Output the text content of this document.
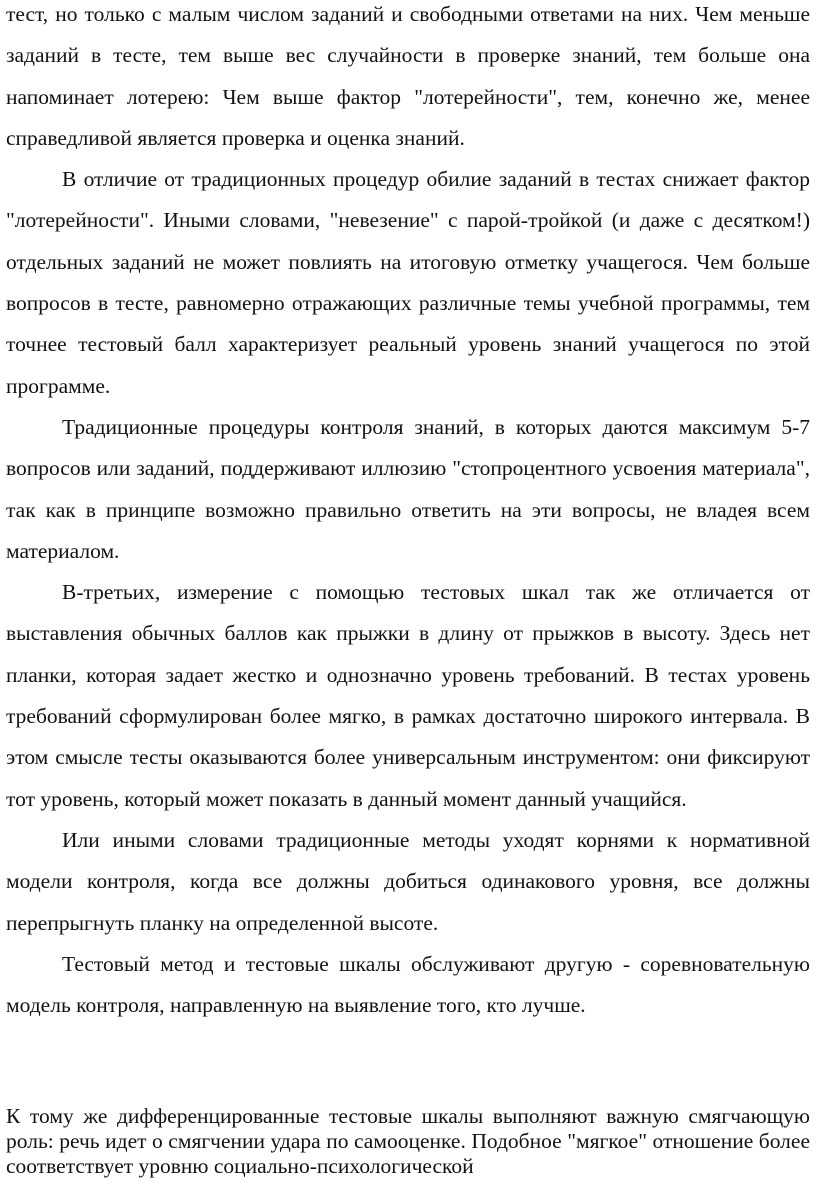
тест, но только с малым числом заданий и свободными ответами на них. Чем меньше заданий в тесте, тем выше вес случайности в проверке знаний, тем больше она напоминает лотерею: Чем выше фактор "лотерейности", тем, конечно же, менее справедливой является проверка и оценка знаний.

В отличие от традиционных процедур обилие заданий в тестах снижает фактор "лотерейности". Иными словами, "невезение" с парой-тройкой (и даже с десятком!) отдельных заданий не может повлиять на итоговую отметку учащегося. Чем больше вопросов в тесте, равномерно отражающих различные темы учебной программы, тем точнее тестовый балл характеризует реальный уровень знаний учащегося по этой программе.

Традиционные процедуры контроля знаний, в которых даются максимум 5-7 вопросов или заданий, поддерживают иллюзию "стопроцентного усвоения материала", так как в принципе возможно правильно ответить на эти вопросы, не владея всем материалом.

В-третьих, измерение с помощью тестовых шкал так же отличается от выставления обычных баллов как прыжки в длину от прыжков в высоту. Здесь нет планки, которая задает жестко и однозначно уровень требований. В тестах уровень требований сформулирован более мягко, в рамках достаточно широкого интервала. В этом смысле тесты оказываются более универсальным инструментом: они фиксируют тот уровень, который может показать в данный момент данный учащийся.

Или иными словами традиционные методы уходят корнями к нормативной модели контроля, когда все должны добиться одинакового уровня, все должны перепрыгнуть планку на определенной высоте.

Тестовый метод и тестовые шкалы обслуживают другую - соревновательную модель контроля, направленную на выявление того, кто лучше.

К тому же дифференцированные тестовые шкалы выполняют важную смягчающую роль: речь идет о смягчении удара по самооценке. Подобное "мягкое" отношение более соответствует уровню социально-психологической
